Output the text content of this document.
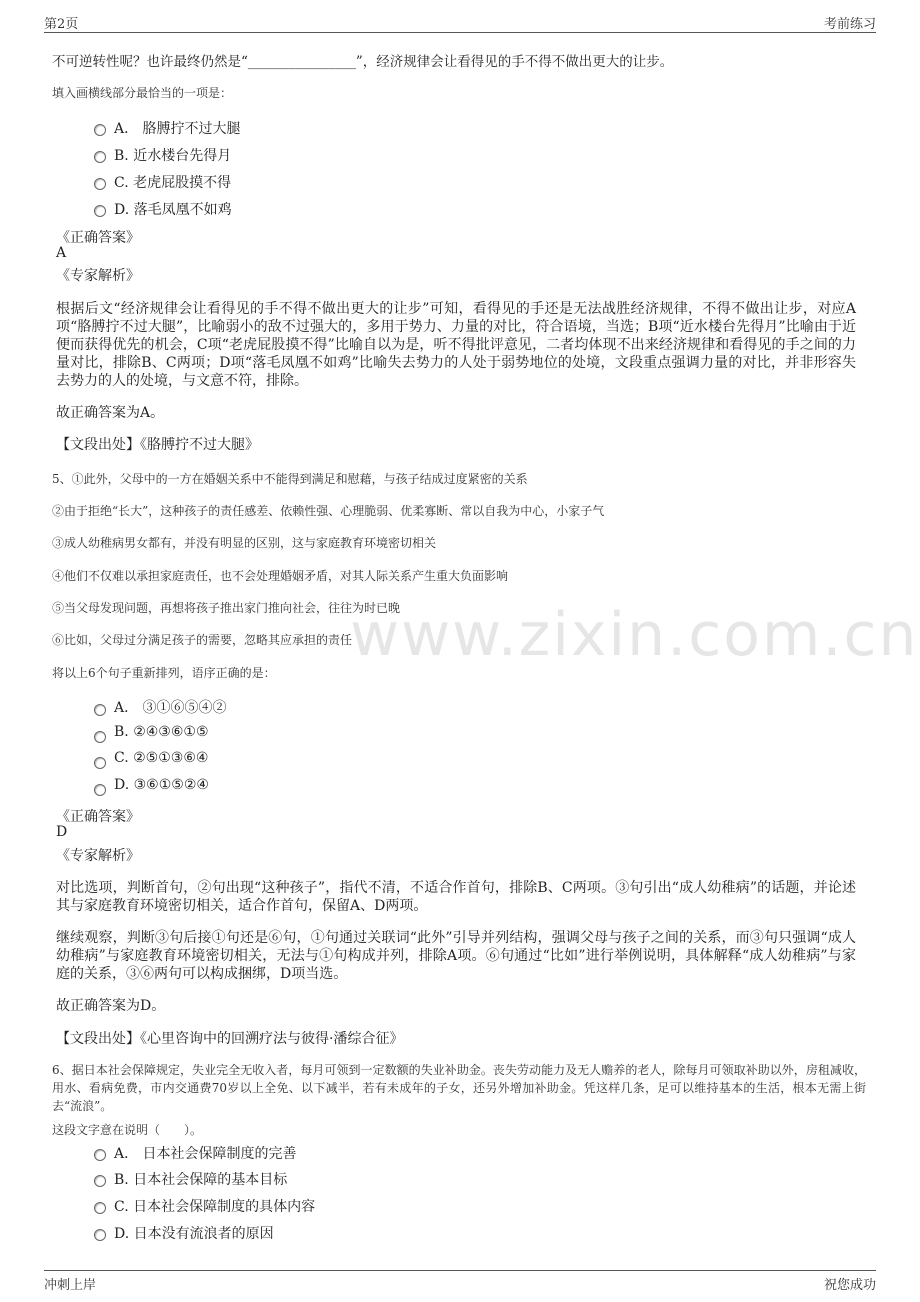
第2页	考前练习
www.zixin.com.cn

不可逆转性呢？也许最终仍然是“________________”，经济规律会让看得见的手不得不做出更大的让步。
填入画横线部分最恰当的一项是：
A． 胳膊拧不过大腿
B. 近水楼台先得月
C. 老虎屁股摸不得
D. 落毛凤凰不如鸡
《正确答案》
A
《专家解析》
根据后文“经济规律会让看得见的手不得不做出更大的让步”可知，看得见的手还是无法战胜经济规律，不得不做出让步，对应A项“胳膊拧不过大腿”，比喻弱小的敌不过强大的，多用于势力、力量的对比，符合语境，当选；B项“近水楼台先得月”比喻由于近便而获得优先的机会，C项“老虎屁股摸不得”比喻自以为是，听不得批评意见，二者均体现不出来经济规律和看得见的手之间的力量对比，排除B、C两项；D项“落毛凤凰不如鸡”比喻失去势力的人处于弱势地位的处境，文段重点强调力量的对比，并非形容失去势力的人的处境，与文意不符，排除。
故正确答案为A。
【文段出处】《胳膊拧不过大腿》
5、①此外，父母中的一方在婚姻关系中不能得到满足和慰藉，与孩子结成过度紧密的关系
②由于拒绝“长大”，这种孩子的责任感差、依赖性强、心理脆弱、优柔寡断、常以自我为中心，小家子气
③成人幼稚病男女都有，并没有明显的区别，这与家庭教育环境密切相关
④他们不仅难以承担家庭责任，也不会处理婚姻矛盾，对其人际关系产生重大负面影响
⑤当父母发现问题，再想将孩子推出家门推向社会，往往为时已晚
⑥比如，父母过分满足孩子的需要，忽略其应承担的责任
将以上6个句子重新排列，语序正确的是：
A． ③①⑥⑤④②
B. ②④③⑥①⑤
C. ②⑤①③⑥④
D. ③⑥①⑤②④
《正确答案》
D
《专家解析》
对比选项，判断首句，②句出现“这种孩子”，指代不清，不适合作首句，排除B、C两项。③句引出“成人幼稚病”的话题，并论述其与家庭教育环境密切相关，适合作首句，保留A、D两项。
继续观察，判断③句后接①句还是⑥句，①句通过关联词“此外”引导并列结构，强调父母与孩子之间的关系，而③句只强调“成人幼稚病”与家庭教育环境密切相关，无法与①句构成并列，排除A项。⑥句通过“比如”进行举例说明，具体解释“成人幼稚病”与家庭的关系，③⑥两句可以构成捆绑，D项当选。
故正确答案为D。
【文段出处】《心里咨询中的回溯疗法与彼得·潘综合征》
6、据日本社会保障规定，失业完全无收入者，每月可领到一定数额的失业补助金。丧失劳动能力及无人赡养的老人，除每月可领取补助以外，房租减收，用水、看病免费，市内交通费70岁以上全免、以下减半，若有未成年的子女，还另外增加补助金。凭这样几条，足可以维持基本的生活，根本无需上街去“流浪”。
这段文字意在说明（　　）。
A． 日本社会保障制度的完善
B. 日本社会保障的基本目标
C. 日本社会保障制度的具体内容
D. 日本没有流浪者的原因
冲刺上岸	祝您成功
